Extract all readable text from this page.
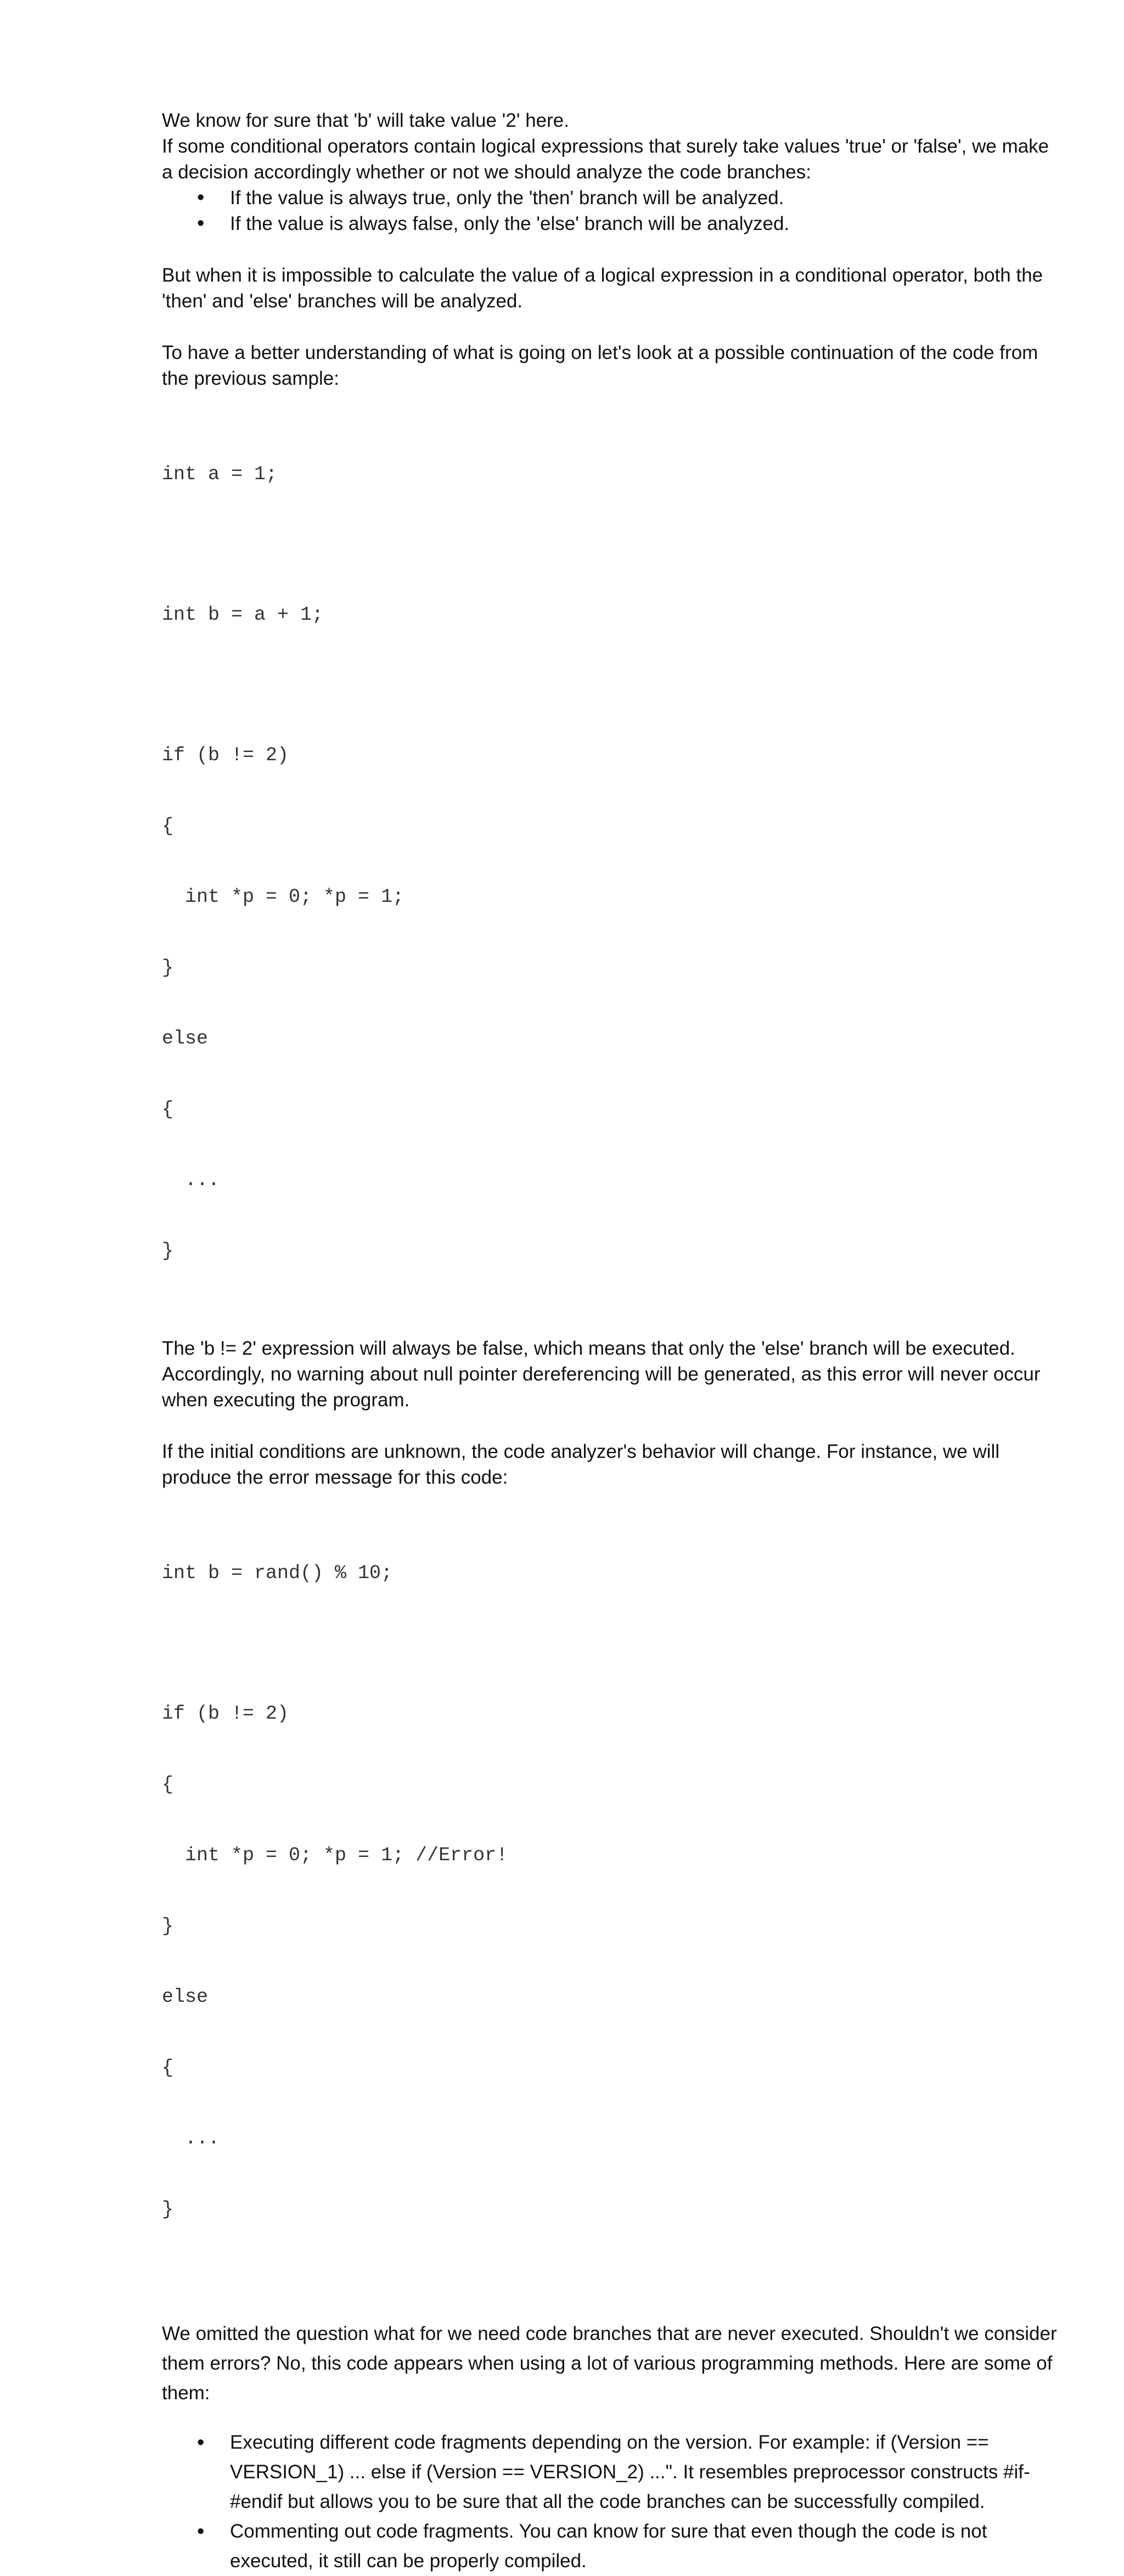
We know for sure that 'b' will take value '2' here.

If some conditional operators contain logical expressions that surely take values 'true' or 'false', we make a decision accordingly whether or not we should analyze the code branches:

• If the value is always true, only the 'then' branch will be analyzed.
• If the value is always false, only the 'else' branch will be analyzed.

But when it is impossible to calculate the value of a logical expression in a conditional operator, both the 'then' and 'else' branches will be analyzed.

To have a better understanding of what is going on let's look at a possible continuation of the code from the previous sample:

int a = 1;

int b = a + 1;

if (b != 2)

{

int *p = 0; *p = 1;

}

else

{

...

}

The 'b != 2' expression will always be false, which means that only the 'else' branch will be executed. Accordingly, no warning about null pointer dereferencing will be generated, as this error will never occur when executing the program.

If the initial conditions are unknown, the code analyzer's behavior will change. For instance, we will produce the error message for this code:

int b = rand() % 10;

if (b != 2)

{

int *p = 0; *p = 1; //Error!

}

else

{

...

}

We omitted the question what for we need code branches that are never executed. Shouldn't we consider them errors? No, this code appears when using a lot of various programming methods. Here are some of them:

• Executing different code fragments depending on the version. For example: if (Version == VERSION_1) ... else if (Version == VERSION_2) ...". It resembles preprocessor constructs #if-#endif but allows you to be sure that all the code branches can be successfully compiled.
• Commenting out code fragments. You can know for sure that even though the code is not executed, it still can be properly compiled.
